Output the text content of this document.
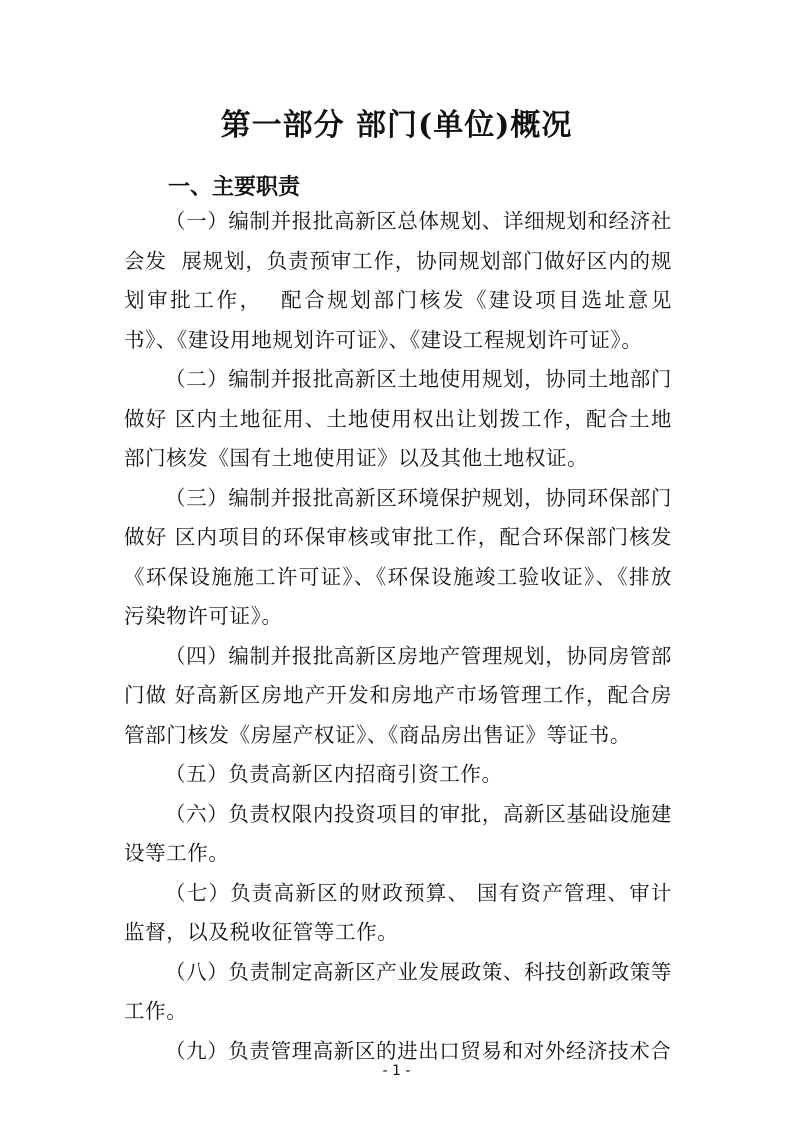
第一部分 部门(单位)概况
一、主要职责

（一）编制并报批高新区总体规划、详细规划和经济社会发  展规划，负责预审工作，协同规划部门做好区内的规划审批工作，  配合规划部门核发《建设项目选址意见书》、《建设用地规划许可证》、《建设工程规划许可证》。

（二）编制并报批高新区土地使用规划，协同土地部门做好 区内土地征用、土地使用权出让划拨工作，配合土地部门核发《国有土地使用证》以及其他土地权证。

（三）编制并报批高新区环境保护规划，协同环保部门做好 区内项目的环保审核或审批工作，配合环保部门核发《环保设施施工许可证》、《环保设施竣工验收证》、《排放污染物许可证》。

（四）编制并报批高新区房地产管理规划，协同房管部门做 好高新区房地产开发和房地产市场管理工作，配合房管部门核发《房屋产权证》、《商品房出售证》等证书。

（五）负责高新区内招商引资工作。

（六）负责权限内投资项目的审批，高新区基础设施建设等工作。

（七）负责高新区的财政预算、 国有资产管理、审计监督，以及税收征管等工作。

（八）负责制定高新区产业发展政策、科技创新政策等工作。

（九）负责管理高新区的进出口贸易和对外经济技术合

- 1 -
